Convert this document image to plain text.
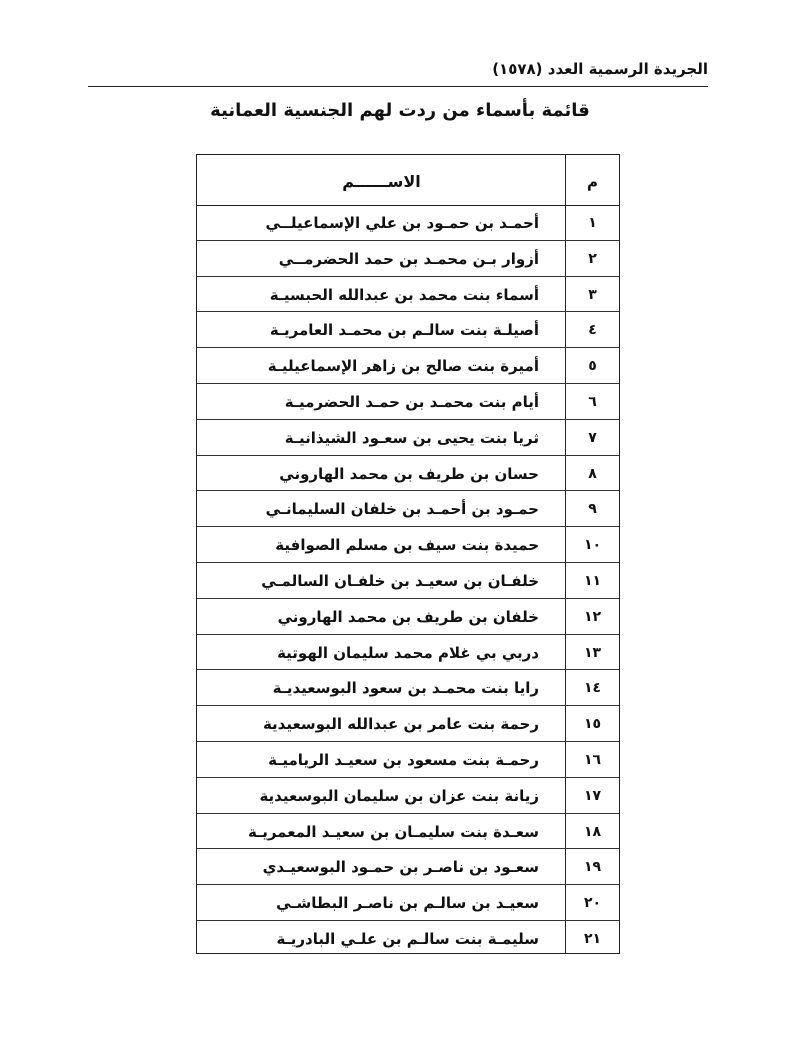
الجريدة الرسمية العدد (١٥٧٨)
قائمة بأسماء من ردت لهم الجنسية العمانية
م
الاســــــم
١
أحمـد بن حمـود بن علي الإسماعيلــي
٢
أزوار بـن محمـد بن حمد الحضرمــي
٣
أسماء بنت محمد بن عبدالله الحبسيـة
٤
أصيلـة بنت سالـم بن محمـد العامريـة
٥
أميرة بنت صالح بن زاهر الإسماعيليـة
٦
أيام بنت محمـد بن حمـد الحضرميـة
٧
ثريا بنت يحيى بن سعـود الشيذانيـة
٨
حسان بن طريف بن محمد الهاروني
٩
حمـود بن أحمـد بن خلفان السليمانـي
١٠
حميدة بنت سيف بن مسلم الصوافية
١١
خلفـان بن سعيـد بن خلفـان السالمـي
١٢
خلفان بن طريف بن محمد الهاروني
١٣
دربي بي غلام محمد سليمان الهوتية
١٤
رايا بنت محمـد بن سعود البوسعيديـة
١٥
رحمة بنت عامر بن عبدالله البوسعيدية
١٦
رحمـة بنت مسعود بن سعيـد الرياميـة
١٧
زيانة بنت عزان بن سليمان البوسعيدية
١٨
سعـدة بنت سليمـان بن سعيـد المعمريـة
١٩
سعـود بن ناصـر بن حمـود البوسعيـدي
٢٠
سعيـد بن سالـم بن ناصـر البطاشـي
٢١
سليمـة بنت سالـم بن علـي البادريـة
